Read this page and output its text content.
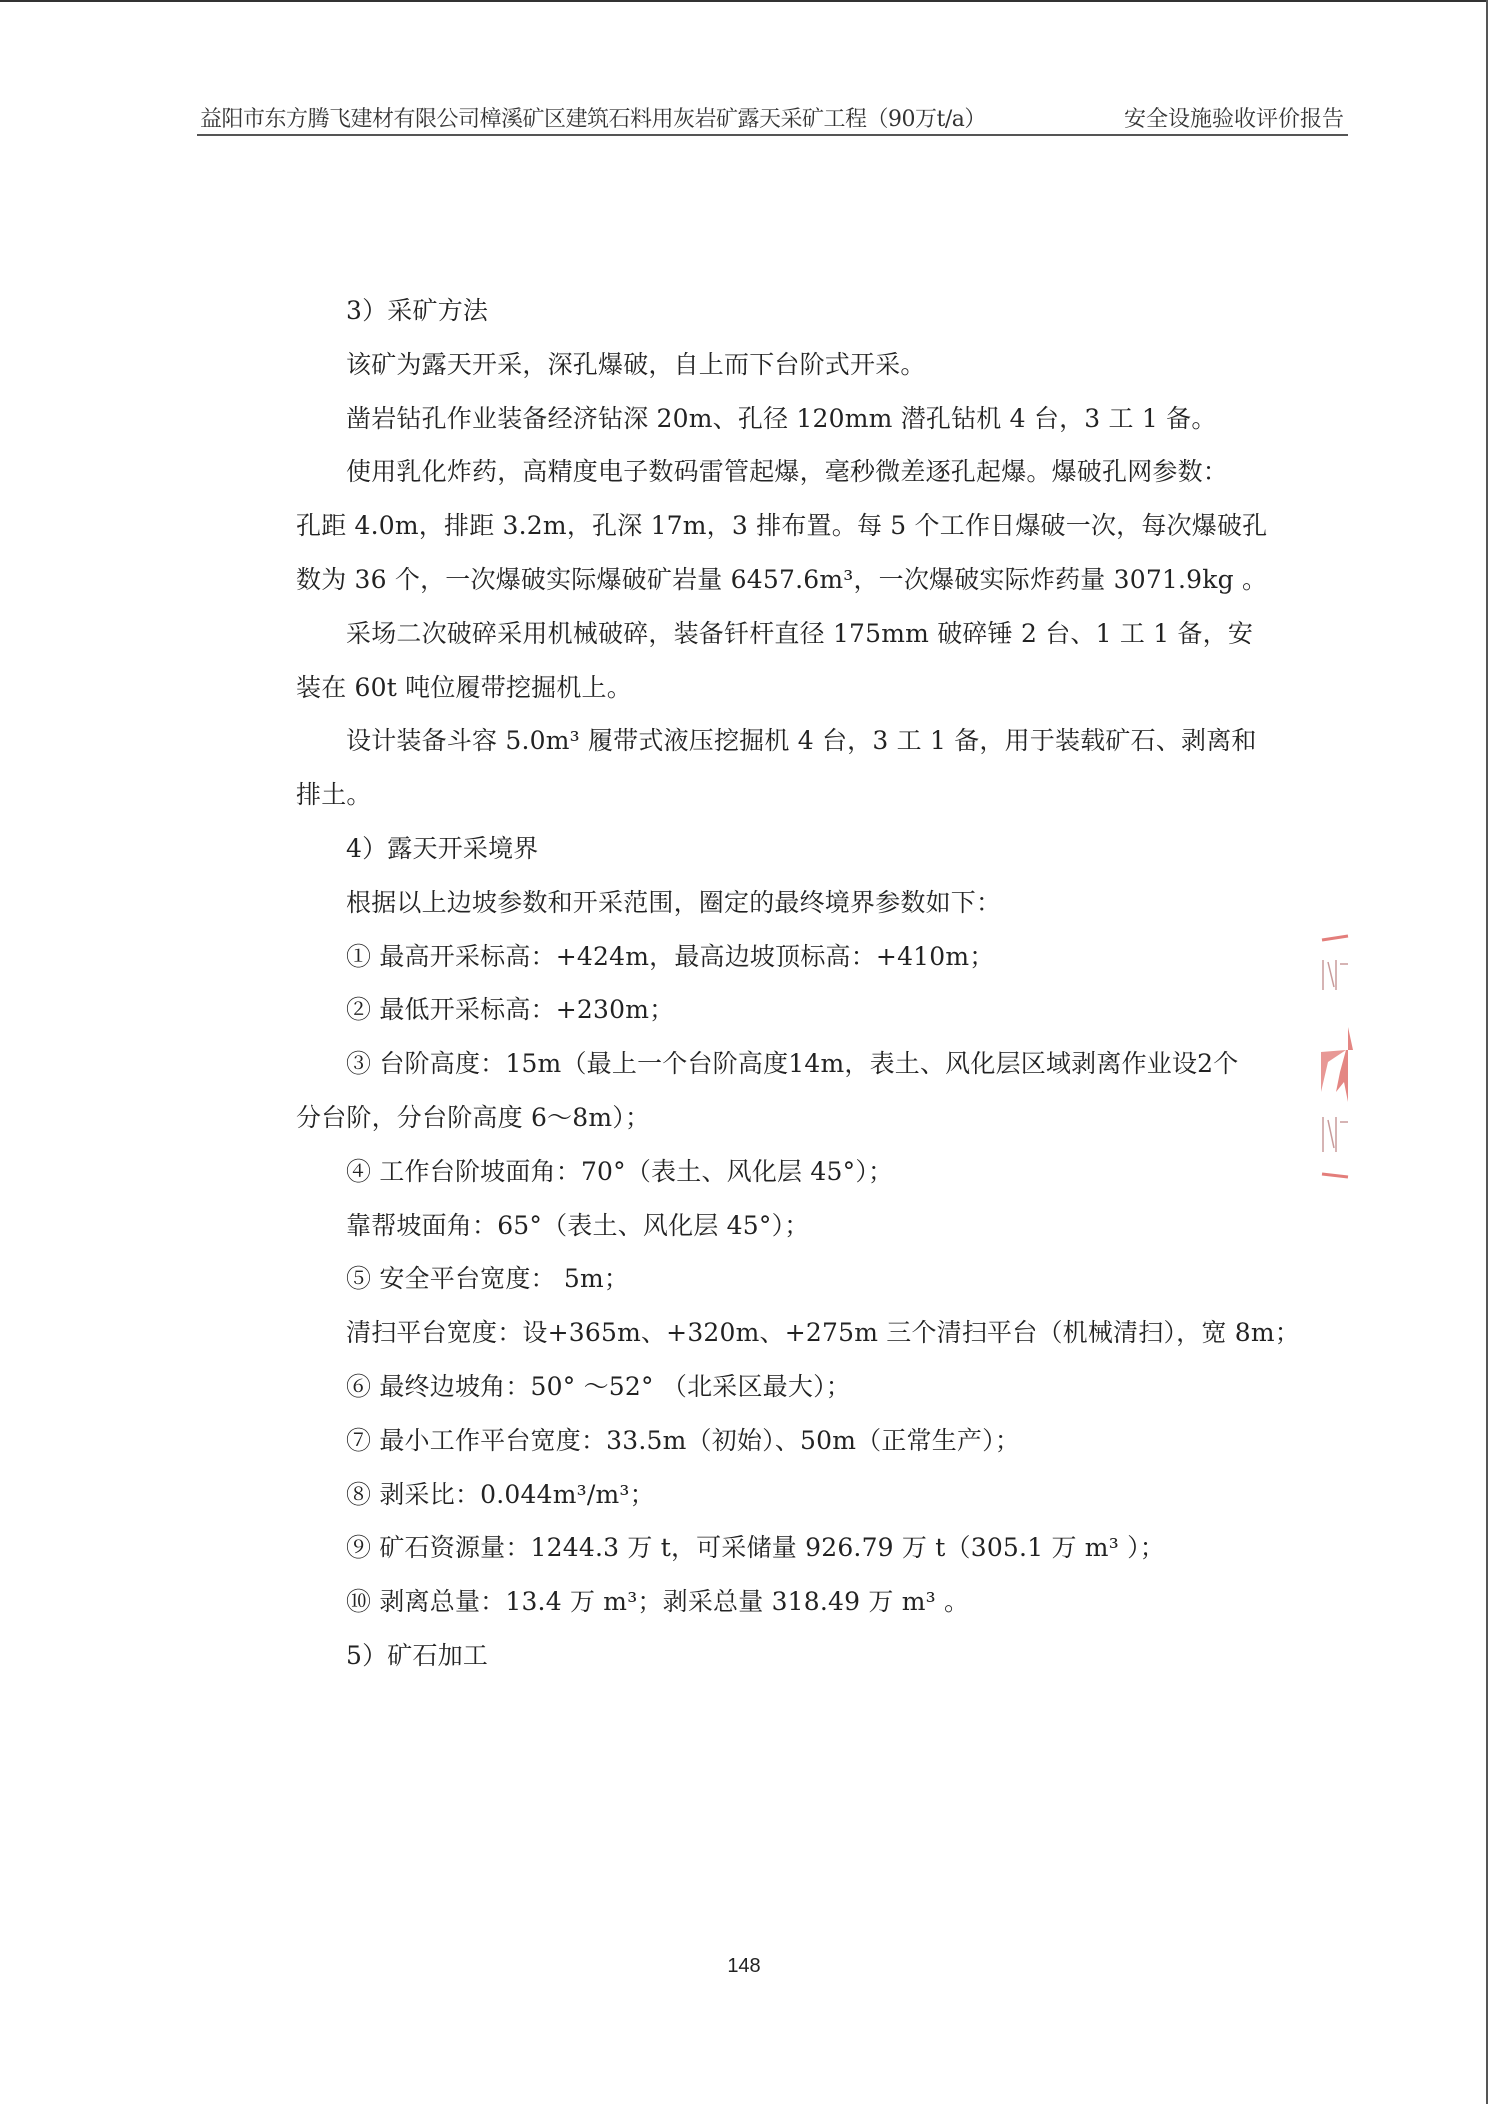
益阳市东方腾飞建材有限公司樟溪矿区建筑石料用灰岩矿露天采矿工程（90万t/a）	安全设施验收评价报告
3）采矿方法
该矿为露天开采，深孔爆破，自上而下台阶式开采。
凿岩钻孔作业装备经济钻深 20m、孔径 120mm 潜孔钻机 4 台，3 工 1 备。
使用乳化炸药，高精度电子数码雷管起爆，毫秒微差逐孔起爆。爆破孔网参数：
孔距 4.0m，排距 3.2m，孔深 17m，3 排布置。每 5 个工作日爆破一次，每次爆破孔
数为 36 个，一次爆破实际爆破矿岩量 6457.6m³，一次爆破实际炸药量 3071.9kg 。
采场二次破碎采用机械破碎，装备钎杆直径 175mm 破碎锤 2 台、1 工 1 备，安
装在 60t 吨位履带挖掘机上。
设计装备斗容 5.0m³ 履带式液压挖掘机 4 台，3 工 1 备，用于装载矿石、剥离和
排土。
4）露天开采境界
根据以上边坡参数和开采范围，圈定的最终境界参数如下：
① 最高开采标高：+424m，最高边坡顶标高：+410m；
② 最低开采标高：+230m；
③ 台阶高度：15m（最上一个台阶高度14m，表土、风化层区域剥离作业设2个
分台阶，分台阶高度 6～8m）；
④ 工作台阶坡面角：70°（表土、风化层 45°）；
靠帮坡面角：65°（表土、风化层 45°）；
⑤ 安全平台宽度： 5m；
清扫平台宽度：设+365m、+320m、+275m 三个清扫平台（机械清扫），宽 8m；
⑥ 最终边坡角：50° ～52° （北采区最大）；
⑦ 最小工作平台宽度：33.5m（初始）、50m（正常生产）；
⑧ 剥采比：0.044m³/m³；
⑨ 矿石资源量：1244.3 万 t，可采储量 926.79 万 t（305.1 万 m³ ）；
⑩ 剥离总量：13.4 万 m³；剥采总量 318.49 万 m³ 。
5）矿石加工
148
